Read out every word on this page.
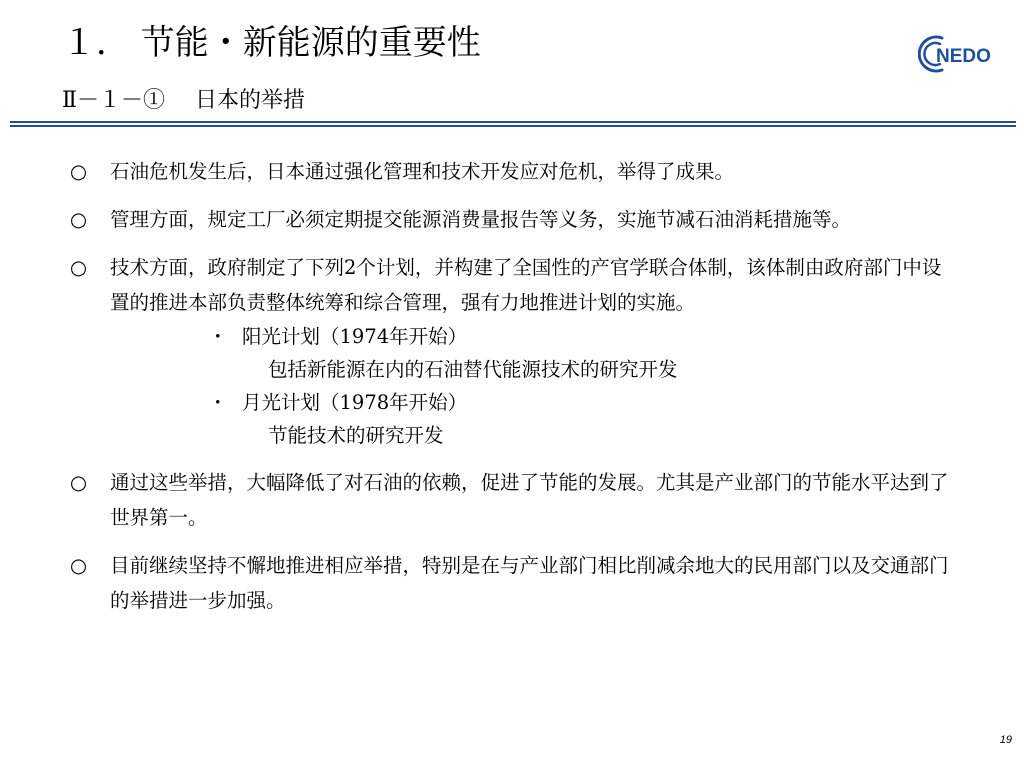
１． 节能・新能源的重要性
Ⅱ－１－① 日本的举措
NEDO
○	石油危机发生后，日本通过强化管理和技术开发应对危机，举得了成果。
○	管理方面，规定工厂必须定期提交能源消费量报告等义务，实施节减石油消耗措施等。
○	技术方面，政府制定了下列2个计划，并构建了全国性的产官学联合体制，该体制由政府部门中设置的推进本部负责整体统筹和综合管理，强有力地推进计划的实施。
・ 阳光计划（1974年开始）
包括新能源在内的石油替代能源技术的研究开发
・ 月光计划（1978年开始）
节能技术的研究开发
○	通过这些举措，大幅降低了对石油的依赖，促进了节能的发展。尤其是产业部门的节能水平达到了世界第一。
○	目前继续坚持不懈地推进相应举措，特别是在与产业部门相比削减余地大的民用部门以及交通部门的举措进一步加强。
19
